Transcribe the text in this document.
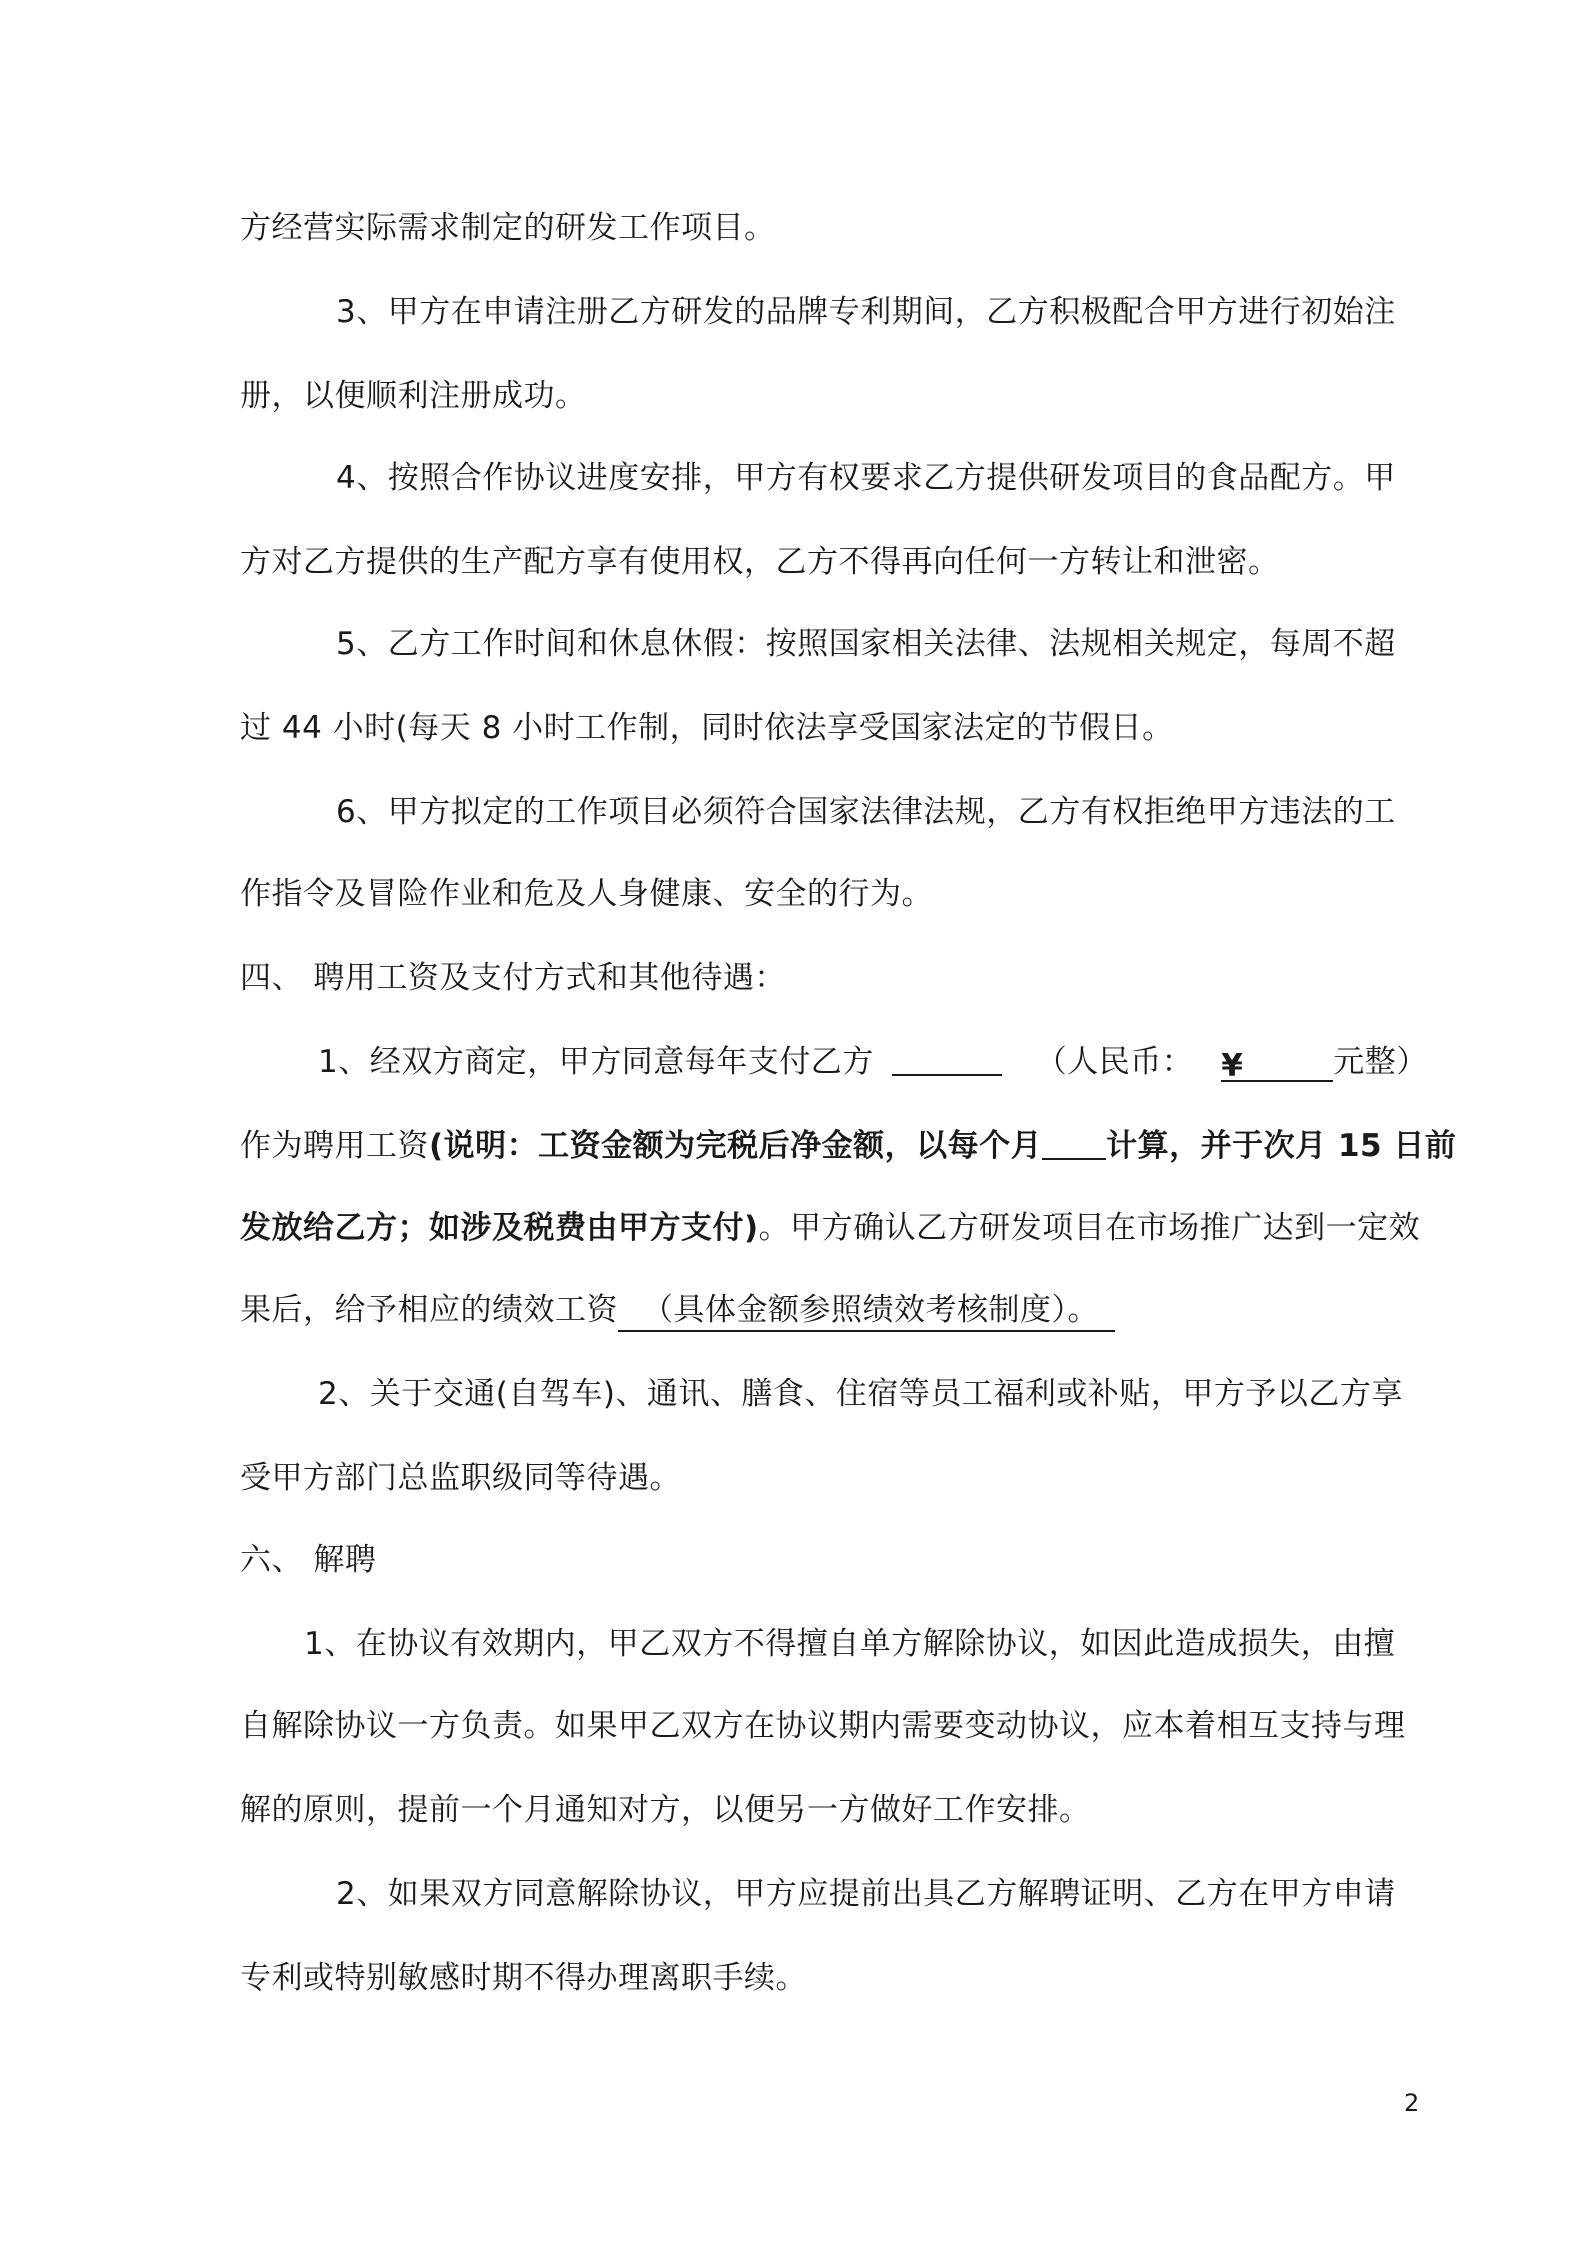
方经营实际需求制定的研发工作项目。
3、甲方在申请注册乙方研发的品牌专利期间，乙方积极配合甲方进行初始注
册，以便顺利注册成功。
4、按照合作协议进度安排，甲方有权要求乙方提供研发项目的食品配方。甲
方对乙方提供的生产配方享有使用权，乙方不得再向任何一方转让和泄密。
5、乙方工作时间和休息休假：按照国家相关法律、法规相关规定，每周不超
过 44 小时(每天 8 小时工作制，同时依法享受国家法定的节假日。
6、甲方拟定的工作项目必须符合国家法律法规，乙方有权拒绝甲方违法的工
作指令及冒险作业和危及人身健康、安全的行为。
四、 聘用工资及支付方式和其他待遇：
1、经双方商定，甲方同意每年支付乙方	（人民币： ¥	元整）
作为聘用工资(说明：工资金额为完税后净金额，以每个月 计算，并于次月 15 日前
发放给乙方；如涉及税费由甲方支付)。甲方确认乙方研发项目在市场推广达到一定效
果后，给予相应的绩效工资 （具体金额参照绩效考核制度）。
2、关于交通(自驾车)、通讯、膳食、住宿等员工福利或补贴，甲方予以乙方享
受甲方部门总监职级同等待遇。
六、 解聘
1、在协议有效期内，甲乙双方不得擅自单方解除协议，如因此造成损失，由擅
自解除协议一方负责。如果甲乙双方在协议期内需要变动协议，应本着相互支持与理
解的原则，提前一个月通知对方，以便另一方做好工作安排。
2、如果双方同意解除协议，甲方应提前出具乙方解聘证明、乙方在甲方申请
专利或特别敏感时期不得办理离职手续。
2
